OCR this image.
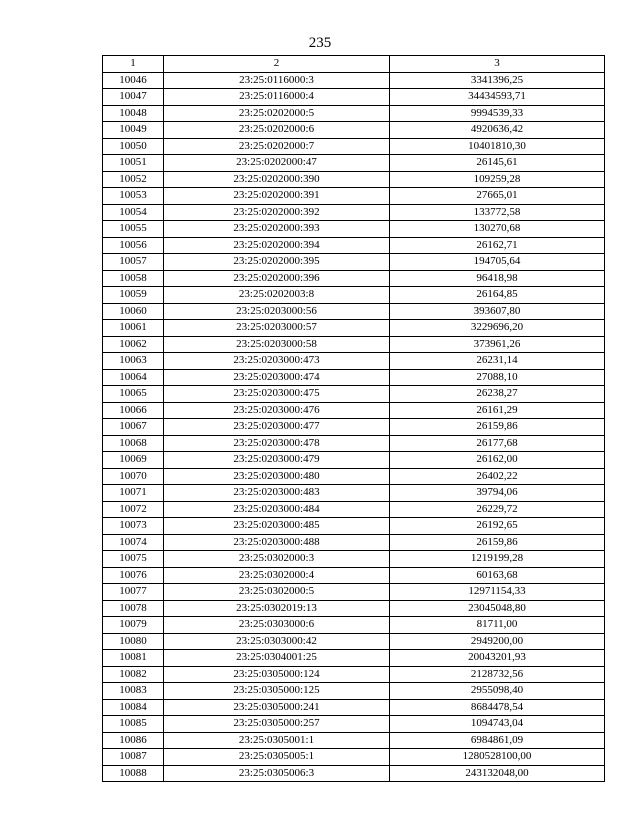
235
1	2	3
10046	23:25:0116000:3	3341396,25
10047	23:25:0116000:4	34434593,71
10048	23:25:0202000:5	9994539,33
10049	23:25:0202000:6	4920636,42
10050	23:25:0202000:7	10401810,30
10051	23:25:0202000:47	26145,61
10052	23:25:0202000:390	109259,28
10053	23:25:0202000:391	27665,01
10054	23:25:0202000:392	133772,58
10055	23:25:0202000:393	130270,68
10056	23:25:0202000:394	26162,71
10057	23:25:0202000:395	194705,64
10058	23:25:0202000:396	96418,98
10059	23:25:0202003:8	26164,85
10060	23:25:0203000:56	393607,80
10061	23:25:0203000:57	3229696,20
10062	23:25:0203000:58	373961,26
10063	23:25:0203000:473	26231,14
10064	23:25:0203000:474	27088,10
10065	23:25:0203000:475	26238,27
10066	23:25:0203000:476	26161,29
10067	23:25:0203000:477	26159,86
10068	23:25:0203000:478	26177,68
10069	23:25:0203000:479	26162,00
10070	23:25:0203000:480	26402,22
10071	23:25:0203000:483	39794,06
10072	23:25:0203000:484	26229,72
10073	23:25:0203000:485	26192,65
10074	23:25:0203000:488	26159,86
10075	23:25:0302000:3	1219199,28
10076	23:25:0302000:4	60163,68
10077	23:25:0302000:5	12971154,33
10078	23:25:0302019:13	23045048,80
10079	23:25:0303000:6	81711,00
10080	23:25:0303000:42	2949200,00
10081	23:25:0304001:25	20043201,93
10082	23:25:0305000:124	2128732,56
10083	23:25:0305000:125	2955098,40
10084	23:25:0305000:241	8684478,54
10085	23:25:0305000:257	1094743,04
10086	23:25:0305001:1	6984861,09
10087	23:25:0305005:1	1280528100,00
10088	23:25:0305006:3	243132048,00
